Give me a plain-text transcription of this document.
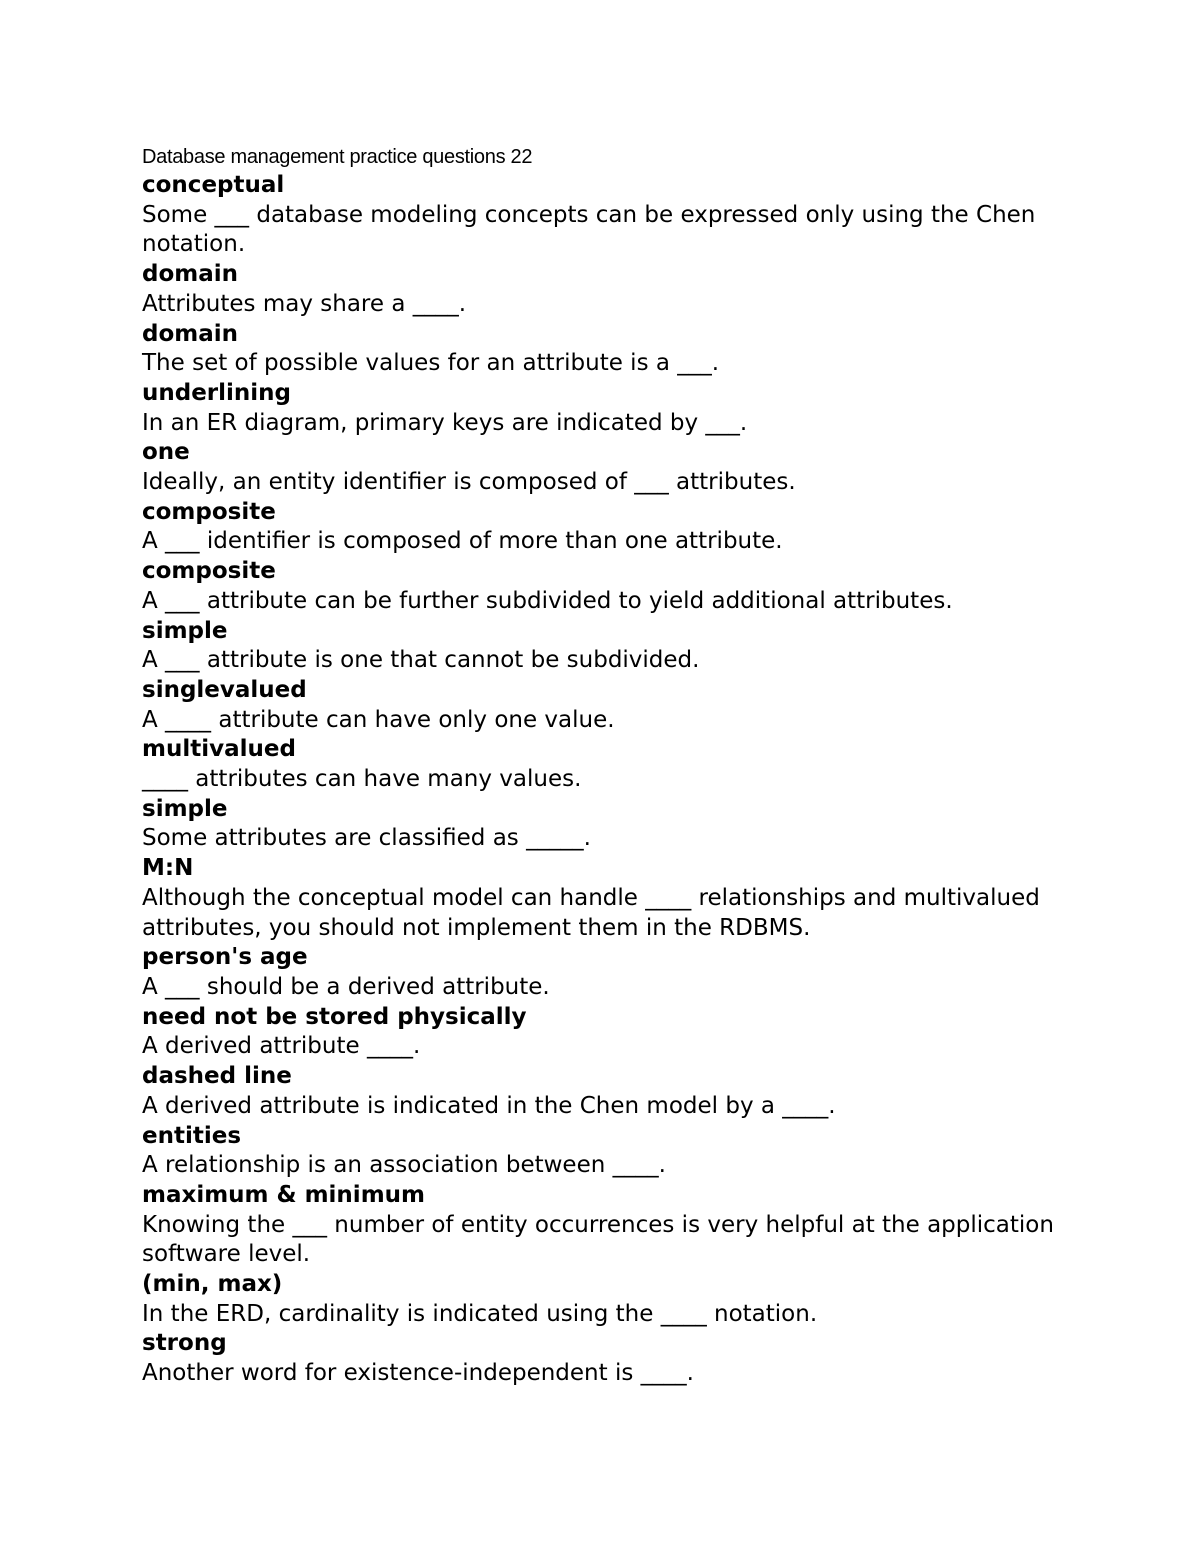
Database management practice questions 22
conceptual
Some ___ database modeling concepts can be expressed only using the Chen notation.
domain
Attributes may share a ____.
domain
The set of possible values for an attribute is a ___.
underlining
In an ER diagram, primary keys are indicated by ___.
one
Ideally, an entity identifier is composed of ___ attributes.
composite
A ___ identifier is composed of more than one attribute.
composite
A ___ attribute can be further subdivided to yield additional attributes.
simple
A ___ attribute is one that cannot be subdivided.
singlevalued
A ____ attribute can have only one value.
multivalued
____ attributes can have many values.
simple
Some attributes are classified as _____.
M:N
Although the conceptual model can handle ____ relationships and multivalued attributes, you should not implement them in the RDBMS.
person's age
A ___ should be a derived attribute.
need not be stored physically
A derived attribute ____.
dashed line
A derived attribute is indicated in the Chen model by a ____.
entities
A relationship is an association between ____.
maximum & minimum
Knowing the ___ number of entity occurrences is very helpful at the application software level.
(min, max)
In the ERD, cardinality is indicated using the ____ notation.
strong
Another word for existence-independent is ____.
